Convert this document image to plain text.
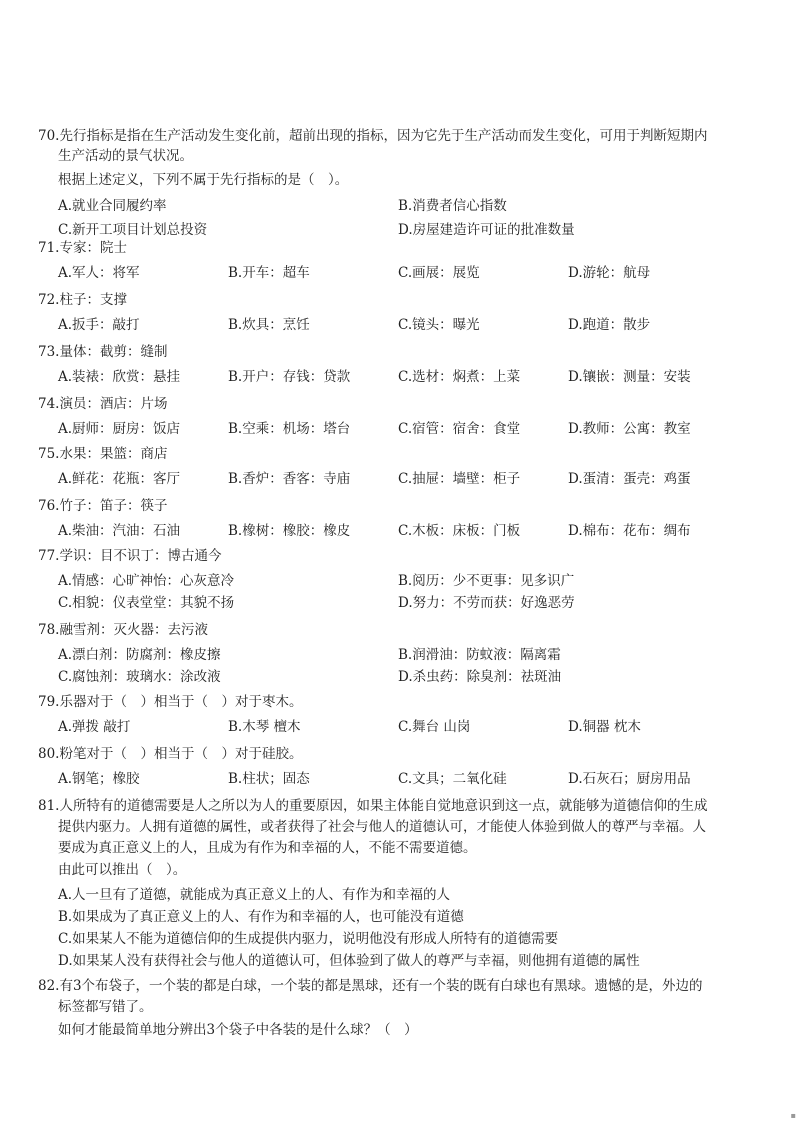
70.先行指标是指在生产活动发生变化前，超前出现的指标，因为它先于生产活动而发生变化，可用于判断短期内
生产活动的景气状况。
根据上述定义，下列不属于先行指标的是（　）。
A.就业合同履约率	B.消费者信心指数
C.新开工项目计划总投资	D.房屋建造许可证的批准数量
71.专家：院士
A.军人：将军	B.开车：超车	C.画展：展览	D.游轮：航母
72.柱子：支撑
A.扳手：敲打	B.炊具：烹饪	C.镜头：曝光	D.跑道：散步
73.量体：截剪：缝制
A.装裱：欣赏：悬挂	B.开户：存钱：贷款	C.选材：焖煮：上菜	D.镶嵌：测量：安装
74.演员：酒店：片场
A.厨师：厨房：饭店	B.空乘：机场：塔台	C.宿管：宿舍：食堂	D.教师：公寓：教室
75.水果：果篮：商店
A.鲜花：花瓶：客厅	B.香炉：香客：寺庙	C.抽屉：墙壁：柜子	D.蛋清：蛋壳：鸡蛋
76.竹子：笛子：筷子
A.柴油：汽油：石油	B.橡树：橡胶：橡皮	C.木板：床板：门板	D.棉布：花布：绸布
77.学识：目不识丁：博古通今
A.情感：心旷神怡：心灰意冷	B.阅历：少不更事：见多识广
C.相貌：仪表堂堂：其貌不扬	D.努力：不劳而获：好逸恶劳
78.融雪剂：灭火器：去污液
A.漂白剂：防腐剂：橡皮擦	B.润滑油：防蚊液：隔离霜
C.腐蚀剂：玻璃水：涂改液	D.杀虫药：除臭剂：祛斑油
79.乐器对于（　）相当于（　）对于枣木。
A.弹拨 敲打	B.木琴 檀木	C.舞台 山岗	D.铜器 枕木
80.粉笔对于（　）相当于（　）对于硅胶。
A.钢笔；橡胶	B.柱状；固态	C.文具；二氧化硅	D.石灰石；厨房用品
81.人所特有的道德需要是人之所以为人的重要原因，如果主体能自觉地意识到这一点，就能够为道德信仰的生成
提供内驱力。人拥有道德的属性，或者获得了社会与他人的道德认可，才能使人体验到做人的尊严与幸福。人
要成为真正意义上的人，且成为有作为和幸福的人，不能不需要道德。
由此可以推出（　）。
A.人一旦有了道德，就能成为真正意义上的人、有作为和幸福的人
B.如果成为了真正意义上的人、有作为和幸福的人，也可能没有道德
C.如果某人不能为道德信仰的生成提供内驱力，说明他没有形成人所特有的道德需要
D.如果某人没有获得社会与他人的道德认可，但体验到了做人的尊严与幸福，则他拥有道德的属性
82.有3个布袋子，一个装的都是白球，一个装的都是黑球，还有一个装的既有白球也有黑球。遗憾的是，外边的
标签都写错了。
如何才能最简单地分辨出3个袋子中各装的是什么球？（　）
▪
